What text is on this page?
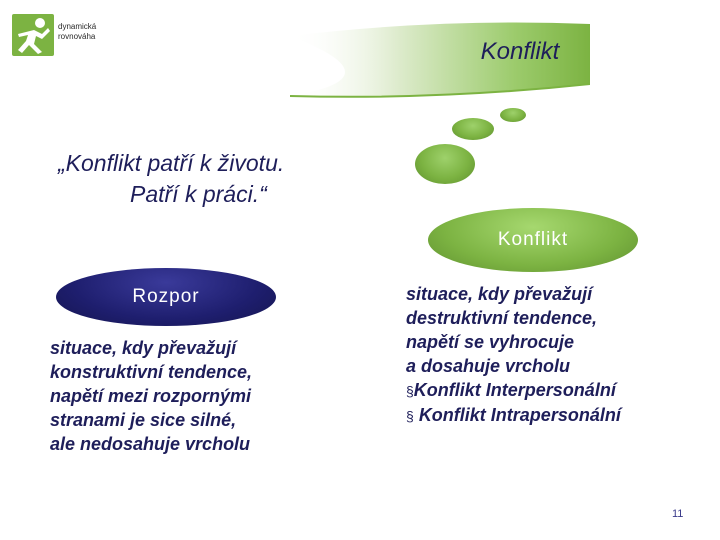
dynamická
rovnováha
Konflikt
„Konflikt patří k životu.
Patří k práci.“
Konflikt
Rozpor
situace, kdy převažují
konstruktivní tendence,
napětí mezi rozpornými
stranami je sice silné,
ale nedosahuje vrcholu
situace, kdy převažují
destruktivní tendence,
napětí se vyhrocuje
a dosahuje vrcholu
§Konflikt Interpersonální
§ Konflikt Intrapersonální
11
